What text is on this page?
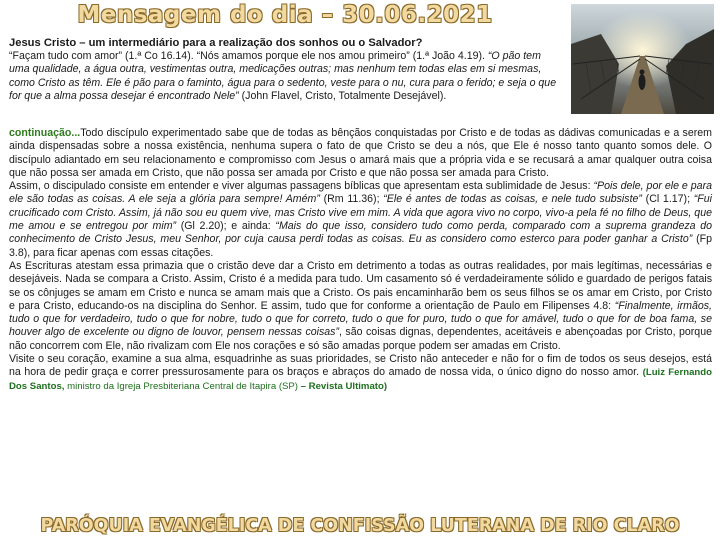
Mensagem do dia – 30.06.2021
Jesus Cristo – um intermediário para a realização dos sonhos ou o Salvador?
“Façam tudo com amor” (1.ª Co 16.14). “Nós amamos porque ele nos amou primeiro” (1.ª João 4.19). “O pão tem uma qualidade, a água outra, vestimentas outra, medicações outras; mas nenhum tem todas elas em si mesmas, como Cristo as têm. Ele é pão para o faminto, água para o sedento, veste para o nu, cura para o ferido; e seja o que for que a alma possa desejar é encontrado Nele” (John Flavel, Cristo, Totalmente Desejável).

continuação...Todo discípulo experimentado sabe que de todas as bênçãos conquistadas por Cristo e de todas as dádivas comunicadas e a serem ainda dispensadas sobre a nossa existência, nenhuma supera o fato de que Cristo se deu a nós, que Ele é nosso tanto quanto somos dele. O discípulo adiantado em seu relacionamento e compromisso com Jesus o amará mais que a própria vida e se recusará a amar qualquer outra coisa que não possa ser amada em Cristo, que não possa ser amada por Cristo e que não possa ser amada para Cristo.

Assim, o discipulado consiste em entender e viver algumas passagens bíblicas que apresentam esta sublimidade de Jesus: “Pois dele, por ele e para ele são todas as coisas. A ele seja a glória para sempre! Amém” (Rm 11.36); “Ele é antes de todas as coisas, e nele tudo subsiste” (Cl 1.17); “Fui crucificado com Cristo. Assim, já não sou eu quem vive, mas Cristo vive em mim. A vida que agora vivo no corpo, vivo-a pela fé no filho de Deus, que me amou e se entregou por mim” (Gl 2.20); e ainda: “Mais do que isso, considero tudo como perda, comparado com a suprema grandeza do conhecimento de Cristo Jesus, meu Senhor, por cuja causa perdi todas as coisas. Eu as considero como esterco para poder ganhar a Cristo” (Fp 3.8), para ficar apenas com essas citações.

As Escrituras atestam essa primazia que o cristão deve dar a Cristo em detrimento a todas as outras realidades, por mais legítimas, necessárias e desejáveis. Nada se compara a Cristo. Assim, Cristo é a medida para tudo. Um casamento só é verdadeiramente sólido e guardado de perigos fatais se os cônjuges se amam em Cristo e nunca se amam mais que a Cristo. Os pais encaminharão bem os seus filhos se os amar em Cristo, por Cristo e para Cristo, educando-os na disciplina do Senhor. E assim, tudo que for conforme a orientação de Paulo em Filipenses 4.8: “Finalmente, irmãos, tudo o que for verdadeiro, tudo o que for nobre, tudo o que for correto, tudo o que for puro, tudo o que for amável, tudo o que for de boa fama, se houver algo de excelente ou digno de louvor, pensem nessas coisas”, são coisas dignas, dependentes, aceitáveis e abençoadas por Cristo, porque não concorrem com Ele, não rivalizam com Ele nos corações e só são amadas porque podem ser amadas em Cristo.

Visite o seu coração, examine a sua alma, esquadrinhe as suas prioridades, se Cristo não anteceder e não for o fim de todos os seus desejos, está na hora de pedir graça e correr pressurosamente para os braços e abraços do amado de nossa vida, o único digno do nosso amor. (Luiz Fernando Dos Santos, ministro da Igreja Presbiteriana Central de Itapira (SP) – Revista Ultimato)

PARÓQUIA EVANGÉLICA DE CONFISSÃO LUTERANA DE RIO CLARO
